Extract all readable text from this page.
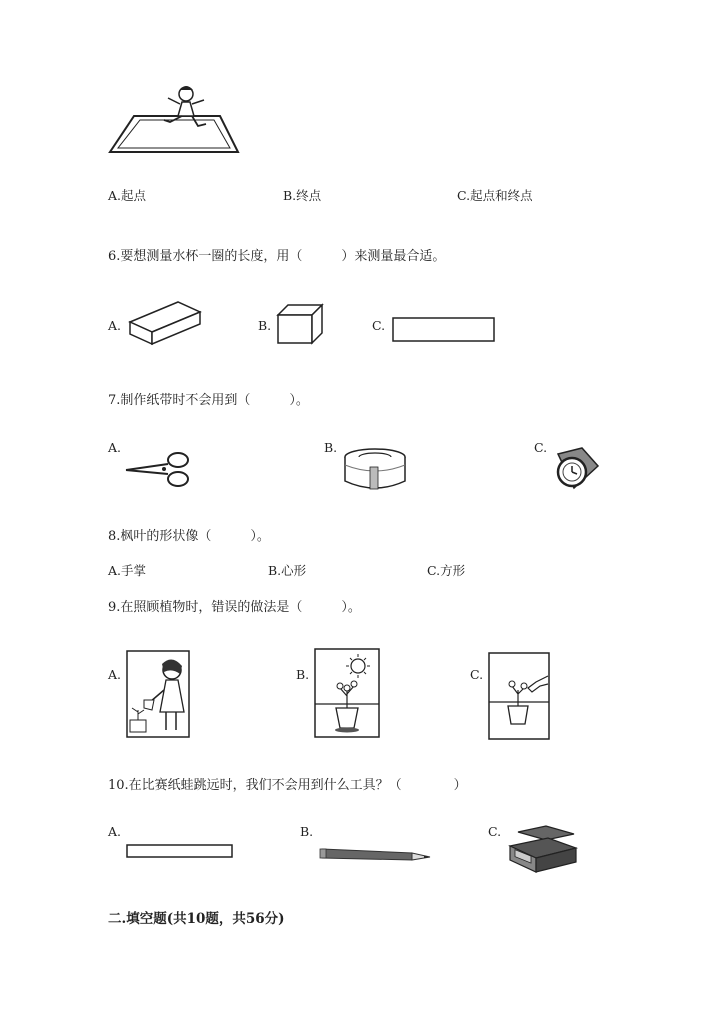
A.起点	B.终点	C.起点和终点
6.要想测量水杯一圈的长度，用（　　　）来测量最合适。
A.	B.	C.
7.制作纸带时不会用到（　　　）。
A.	B.	C.
8.枫叶的形状像（　　　）。
A.手掌	B.心形	C.方形
9.在照顾植物时，错误的做法是（　　　）。
A.	B.	C.
10.在比赛纸蛙跳远时，我们不会用到什么工具？（　　　　）
A.	B.	C.
二.填空题(共10题，共56分)
